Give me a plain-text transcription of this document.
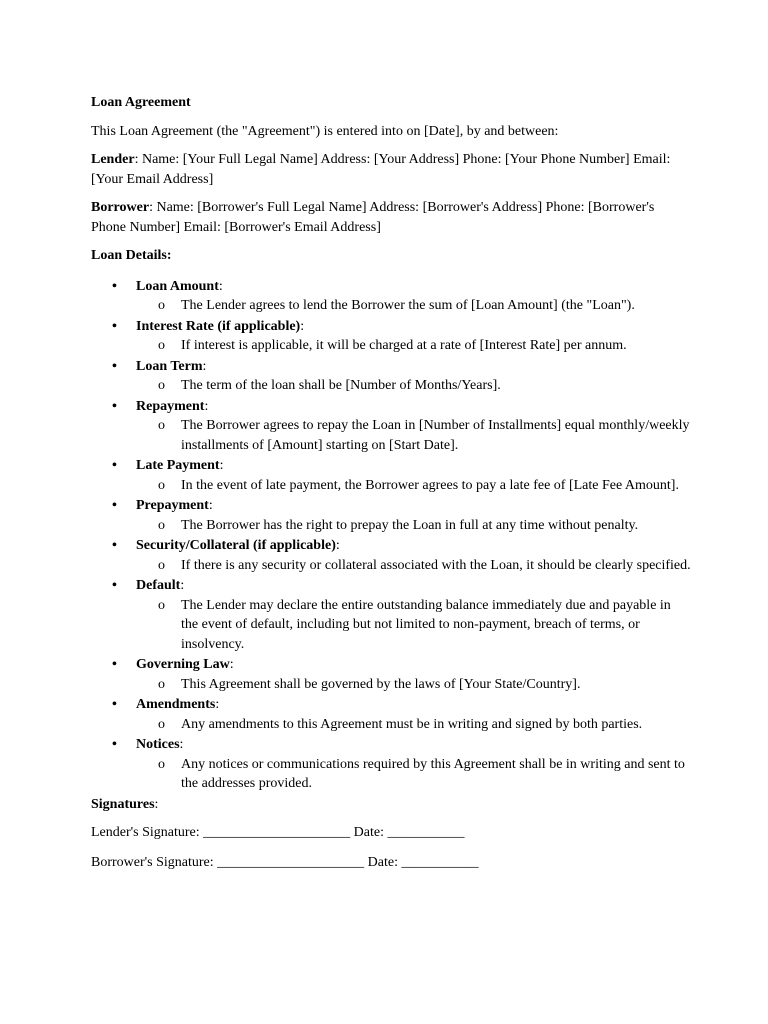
Loan Agreement
This Loan Agreement (the "Agreement") is entered into on [Date], by and between:
Lender: Name: [Your Full Legal Name] Address: [Your Address] Phone: [Your Phone Number] Email: [Your Email Address]
Borrower: Name: [Borrower's Full Legal Name] Address: [Borrower's Address] Phone: [Borrower's Phone Number] Email: [Borrower's Email Address]
Loan Details:
• Loan Amount:
o The Lender agrees to lend the Borrower the sum of [Loan Amount] (the "Loan").
• Interest Rate (if applicable):
o If interest is applicable, it will be charged at a rate of [Interest Rate] per annum.
• Loan Term:
o The term of the loan shall be [Number of Months/Years].
• Repayment:
o The Borrower agrees to repay the Loan in [Number of Installments] equal monthly/weekly installments of [Amount] starting on [Start Date].
• Late Payment:
o In the event of late payment, the Borrower agrees to pay a late fee of [Late Fee Amount].
• Prepayment:
o The Borrower has the right to prepay the Loan in full at any time without penalty.
• Security/Collateral (if applicable):
o If there is any security or collateral associated with the Loan, it should be clearly specified.
• Default:
o The Lender may declare the entire outstanding balance immediately due and payable in the event of default, including but not limited to non-payment, breach of terms, or insolvency.
• Governing Law:
o This Agreement shall be governed by the laws of [Your State/Country].
• Amendments:
o Any amendments to this Agreement must be in writing and signed by both parties.
• Notices:
o Any notices or communications required by this Agreement shall be in writing and sent to the addresses provided.
Signatures:
Lender's Signature: _____________________ Date: ___________
Borrower's Signature: _____________________ Date: ___________
